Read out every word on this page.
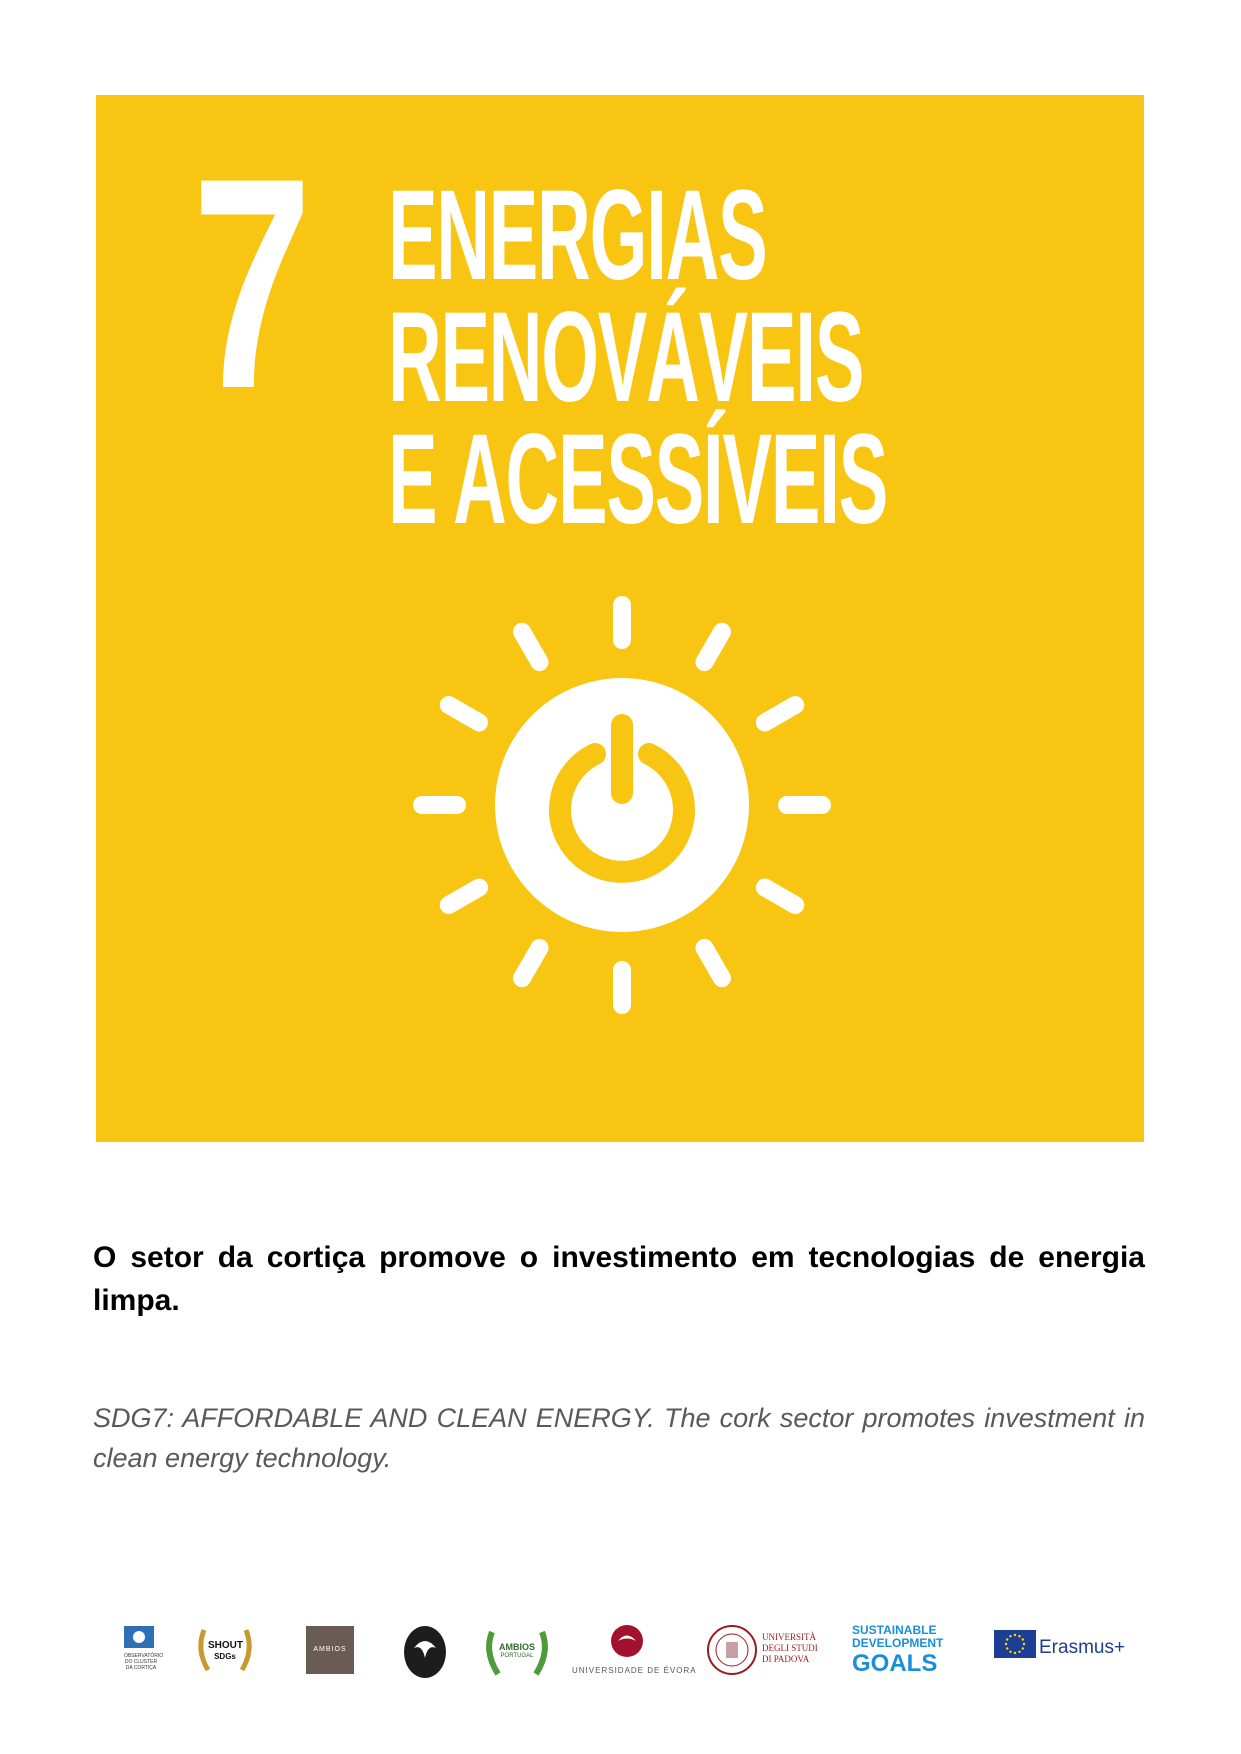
7 ENERGIAS
RENOVÁVEIS
E ACESSÍVEIS
O setor da cortiça promove o investimento em tecnologias de energia limpa.
SDG7: AFFORDABLE AND CLEAN ENERGY. The cork sector promotes investment in clean energy technology.
OBSERVATÓRIO DO CLUSTER DA CORTIÇA
SHOUT
SDGs
AMBIOS	AMBIOS
PORTUGAL
UNIVERSIDADE DE ÉVORA
UNIVERSITÀ
DEGLI STUDI
DI PADOVA
SUSTAINABLE
DEVELOPMENT
GOALS
Erasmus+
